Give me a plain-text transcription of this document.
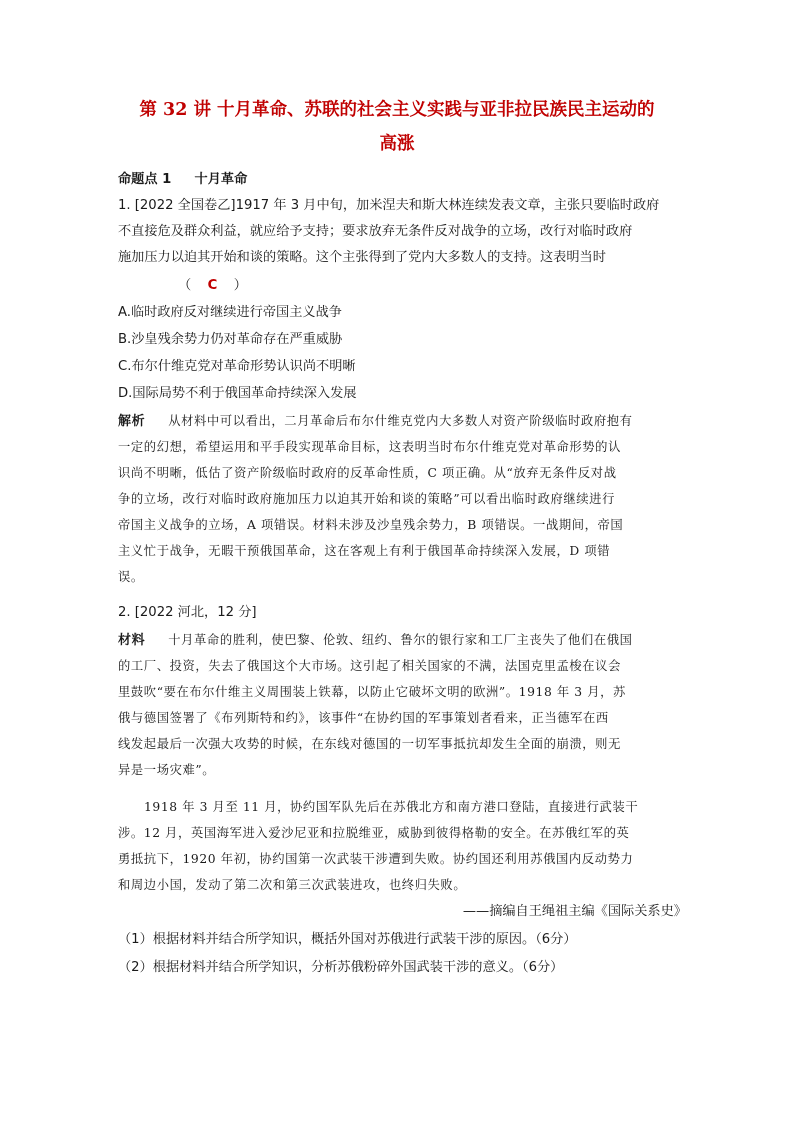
第 32 讲 十月革命、苏联的社会主义实践与亚非拉民族民主运动的
高涨
命题点 1 十月革命
1. [2022 全国卷乙]1917 年 3 月中旬，加米涅夫和斯大林连续发表文章，主张只要临时政府
不直接危及群众利益，就应给予支持；要求放弃无条件反对战争的立场，改行对临时政府
施加压力以迫其开始和谈的策略。这个主张得到了党内大多数人的支持。这表明当时
（ C ）
A.临时政府反对继续进行帝国主义战争
B.沙皇残余势力仍对革命存在严重威胁
C.布尔什维克党对革命形势认识尚不明晰
D.国际局势不利于俄国革命持续深入发展
解析 从材料中可以看出，二月革命后布尔什维克党内大多数人对资产阶级临时政府抱有
一定的幻想，希望运用和平手段实现革命目标，这表明当时布尔什维克党对革命形势的认
识尚不明晰，低估了资产阶级临时政府的反革命性质，C 项正确。从“放弃无条件反对战
争的立场，改行对临时政府施加压力以迫其开始和谈的策略”可以看出临时政府继续进行
帝国主义战争的立场，A 项错误。材料未涉及沙皇残余势力，B 项错误。一战期间，帝国
主义忙于战争，无暇干预俄国革命，这在客观上有利于俄国革命持续深入发展，D 项错
误。
2. [2022 河北，12 分]
材料 十月革命的胜利，使巴黎、伦敦、纽约、鲁尔的银行家和工厂主丧失了他们在俄国
的工厂、投资，失去了俄国这个大市场。这引起了相关国家的不满，法国克里孟梭在议会
里鼓吹“要在布尔什维主义周围装上铁幕，以防止它破坏文明的欧洲”。1918 年 3 月，苏
俄与德国签署了《布列斯特和约》，该事件“在协约国的军事策划者看来，正当德军在西
线发起最后一次强大攻势的时候，在东线对德国的一切军事抵抗却发生全面的崩溃，则无
异是一场灾难”。
1918 年 3 月至 11 月，协约国军队先后在苏俄北方和南方港口登陆，直接进行武装干
涉。12 月，英国海军进入爱沙尼亚和拉脱维亚，威胁到彼得格勒的安全。在苏俄红军的英
勇抵抗下，1920 年初，协约国第一次武装干涉遭到失败。协约国还利用苏俄国内反动势力
和周边小国，发动了第二次和第三次武装进攻，也终归失败。
——摘编自王绳祖主编《国际关系史》
（1）根据材料并结合所学知识，概括外国对苏俄进行武装干涉的原因。（6分）
（2）根据材料并结合所学知识，分析苏俄粉碎外国武装干涉的意义。（6分）
